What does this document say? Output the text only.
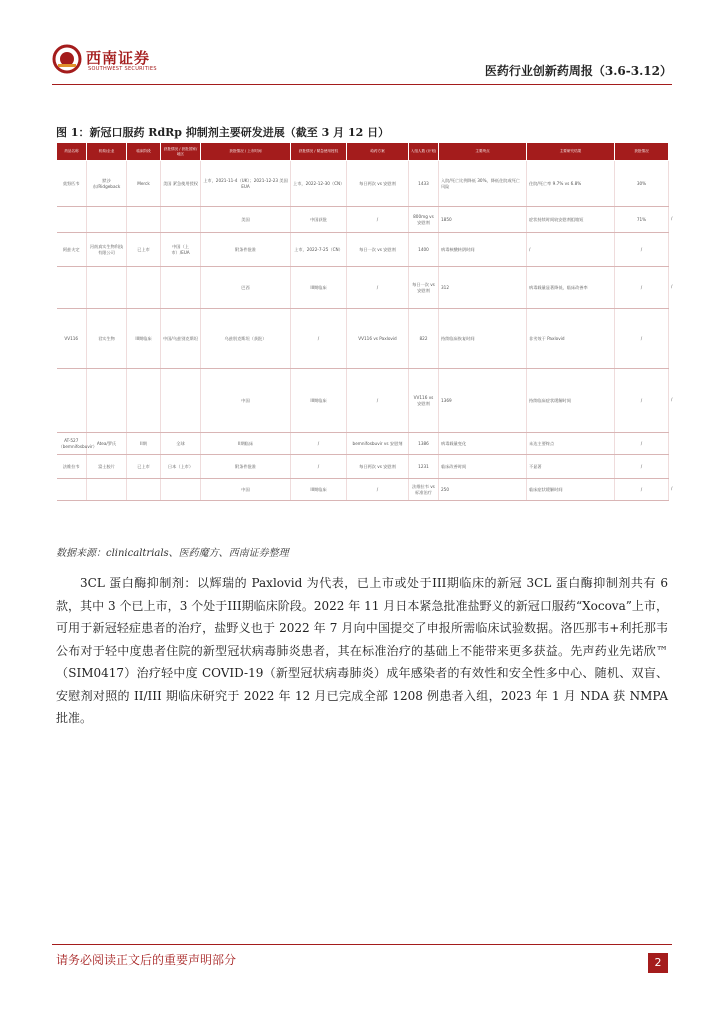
西南证券
SOUTHWEST SECURITIES	医药行业创新药周报（3.6-3.12）
图 1：新冠口服药 RdRp 抑制剂主要研发进展（截至 3 月 12 日）
药品名称	机构/企业	临床阶段	获批情况 / 获批国家/地区	获批情况 / 上市时间	获批情况 / 紧急使用授权	给药方案	入组人数 (计划)	主要终点	主要研究结果	获批情况	
莫努匹韦	默沙东/Ridgeback	Merck	美国 紧急使用授权	上市，2021-11-4（UK）；2021-12-23 美国 EUA	上市，2022-12-30（CN）	每日两次 vs 安慰剂	1433	入院/死亡比例降低 30%，降低住院或死亡风险	住院/死亡率 9.7% vs 6.8%	30%	
				美国	中国获批	/	800mg vs 安慰剂	1850	症状持续时间较安慰剂组缩短	71%	/
阿兹夫定	河南真实生物科技有限公司	已上市	中国（上市）/EUA	附条件批准	上市，2022-7-25（CN）	每日一次 vs 安慰剂	1400	病毒核酸转阴时间	/	/	
				巴西	III期临床	/	每日一次 vs 安慰剂	312	病毒载量显著降低，临床改善率	/	/
VV116	君实生物	III期临床	中国/乌兹别克斯坦	乌兹别克斯坦（获批）	/	VV116 vs Paxlovid	822	持续临床恢复时间	非劣效于 Paxlovid	/	
				中国	III期临床	/	VV116 vs 安慰剂	1369	持续临床症状缓解时间	/	/
AT-527（bemnifosbuvir）	Atea/罗氏	II期	全球	II期临床	/	bemnifosbuvir vs 安慰剂	1386	病毒载量变化	未达主要终点	/	
法维拉韦	富士胶片	已上市	日本（上市）	附条件批准	/	每日两次 vs 安慰剂	1231	临床改善时间	不显著	/	
				中国	III期临床	/	法维拉韦 vs 标准治疗	250	临床症状缓解时间	/	/
数据来源：clinicaltrials、医药魔方、西南证券整理
3CL 蛋白酶抑制剂：以辉瑞的 Paxlovid 为代表，已上市或处于III期临床的新冠 3CL 蛋白酶抑制剂共有 6 款，其中 3 个已上市，3 个处于III期临床阶段。2022 年 11 月日本紧急批准盐野义的新冠口服药“Xocova”上市，可用于新冠轻症患者的治疗，盐野义也于 2022 年 7 月向中国提交了申报所需临床试验数据。洛匹那韦+利托那韦公布对于轻中度患者住院的新型冠状病毒肺炎患者，其在标准治疗的基础上不能带来更多获益。先声药业先诺欣™（SIM0417）治疗轻中度 COVID-19（新型冠状病毒肺炎）成年感染者的有效性和安全性多中心、随机、双盲、安慰剂对照的 II/III 期临床研究于 2022 年 12 月已完成全部 1208 例患者入组，2023 年 1 月 NDA 获 NMPA 批准。
请务必阅读正文后的重要声明部分	2
